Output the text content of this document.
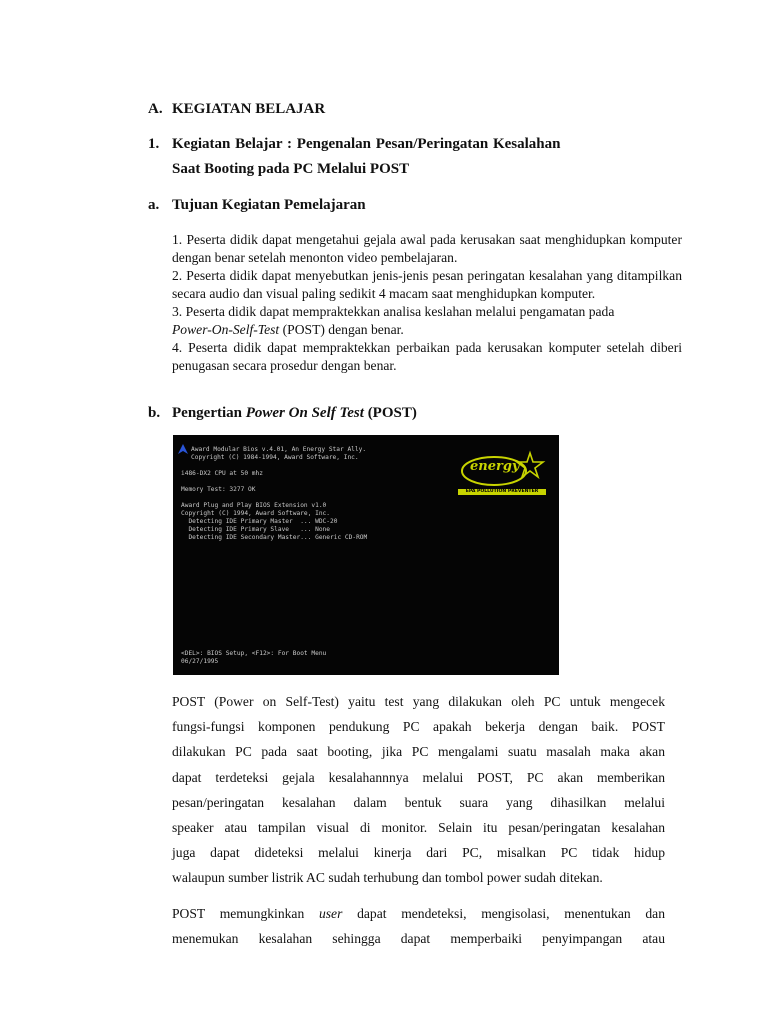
A. KEGIATAN BELAJAR
1. Kegiatan Belajar : Pengenalan Pesan/Peringatan Kesalahan
Saat Booting pada PC Melalui POST
a. Tujuan Kegiatan Pemelajaran
1. Peserta didik dapat mengetahui gejala awal pada kerusakan saat menghidupkan komputer dengan benar setelah menonton video pembelajaran.
2. Peserta didik dapat menyebutkan jenis-jenis pesan peringatan kesalahan yang ditampilkan secara audio dan visual paling sedikit 4 macam saat menghidupkan komputer.
3. Peserta didik dapat mempraktekkan analisa keslahan melalui pengamatan pada
Power-On-Self-Test (POST) dengan benar.
4. Peserta didik dapat mempraktekkan perbaikan pada kerusakan komputer setelah diberi penugasan secara prosedur dengan benar.
b. Pengertian Power On Self Test (POST)
Award Modular Bios v.4.01, An Energy Star Ally.
Copyright (C) 1984-1994, Award Software, Inc.
i486-DX2 CPU at 50 mhz
Memory Test: 3277 OK
Award Plug and Play BIOS Extension v1.0
Copyright (C) 1994, Award Software, Inc.
Detecting IDE Primary Master  ... WDC-20
Detecting IDE Primary Slave   ... None
Detecting IDE Secondary Master... Generic CD-ROM
<DEL>: BIOS Setup, <F12>: For Boot Menu
06/27/1995
energy
EPA POLLUTION PREVENTER
POST (Power on Self-Test) yaitu test yang dilakukan oleh PC untuk mengecek
fungsi-fungsi komponen pendukung PC apakah bekerja dengan baik. POST
dilakukan PC pada saat booting, jika PC mengalami suatu masalah maka akan
dapat terdeteksi gejala kesalahannnya melalui POST, PC akan memberikan
pesan/peringatan kesalahan dalam bentuk suara yang dihasilkan melalui
speaker atau tampilan visual di monitor. Selain itu pesan/peringatan kesalahan
juga dapat dideteksi melalui kinerja dari PC, misalkan PC tidak hidup
walaupun sumber listrik AC sudah terhubung dan tombol power sudah ditekan.
POST memungkinkan user dapat mendeteksi, mengisolasi, menentukan dan
menemukan kesalahan sehingga dapat memperbaiki penyimpangan atau
